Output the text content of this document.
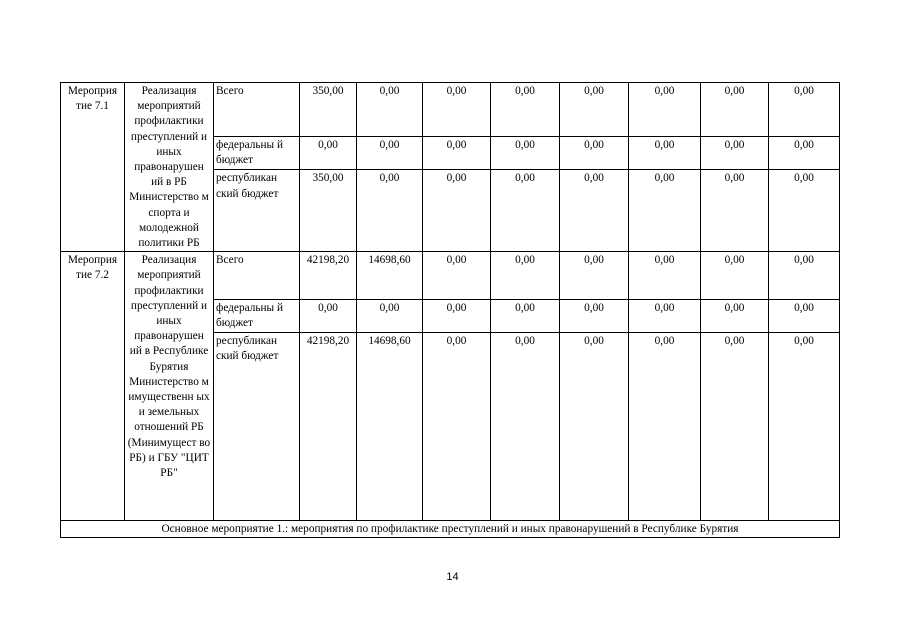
Мероприя тие 7.1	Реализация мероприятий профилактики преступлений и иных правонарушен ий в РБ Министерство м спорта и молодежной политики РБ	Всего	350,00	0,00	0,00	0,00	0,00	0,00	0,00	0,00
		федеральны й бюджет	0,00	0,00	0,00	0,00	0,00	0,00	0,00	0,00
		республикан ский бюджет	350,00	0,00	0,00	0,00	0,00	0,00	0,00	0,00
Мероприя тие 7.2	Реализация мероприятий профилактики преступлений и иных правонарушен ий в Республике Бурятия Министерство м имущественн ых и земельных отношений РБ (Минимущест во РБ) и ГБУ "ЦИТ РБ"	Всего	42198,20	14698,60	0,00	0,00	0,00	0,00	0,00	0,00
		федеральны й бюджет	0,00	0,00	0,00	0,00	0,00	0,00	0,00	0,00
		республикан ский бюджет	42198,20	14698,60	0,00	0,00	0,00	0,00	0,00	0,00
Основное мероприятие 1.: мероприятия по профилактике преступлений и иных правонарушений в Республике Бурятия										
14
